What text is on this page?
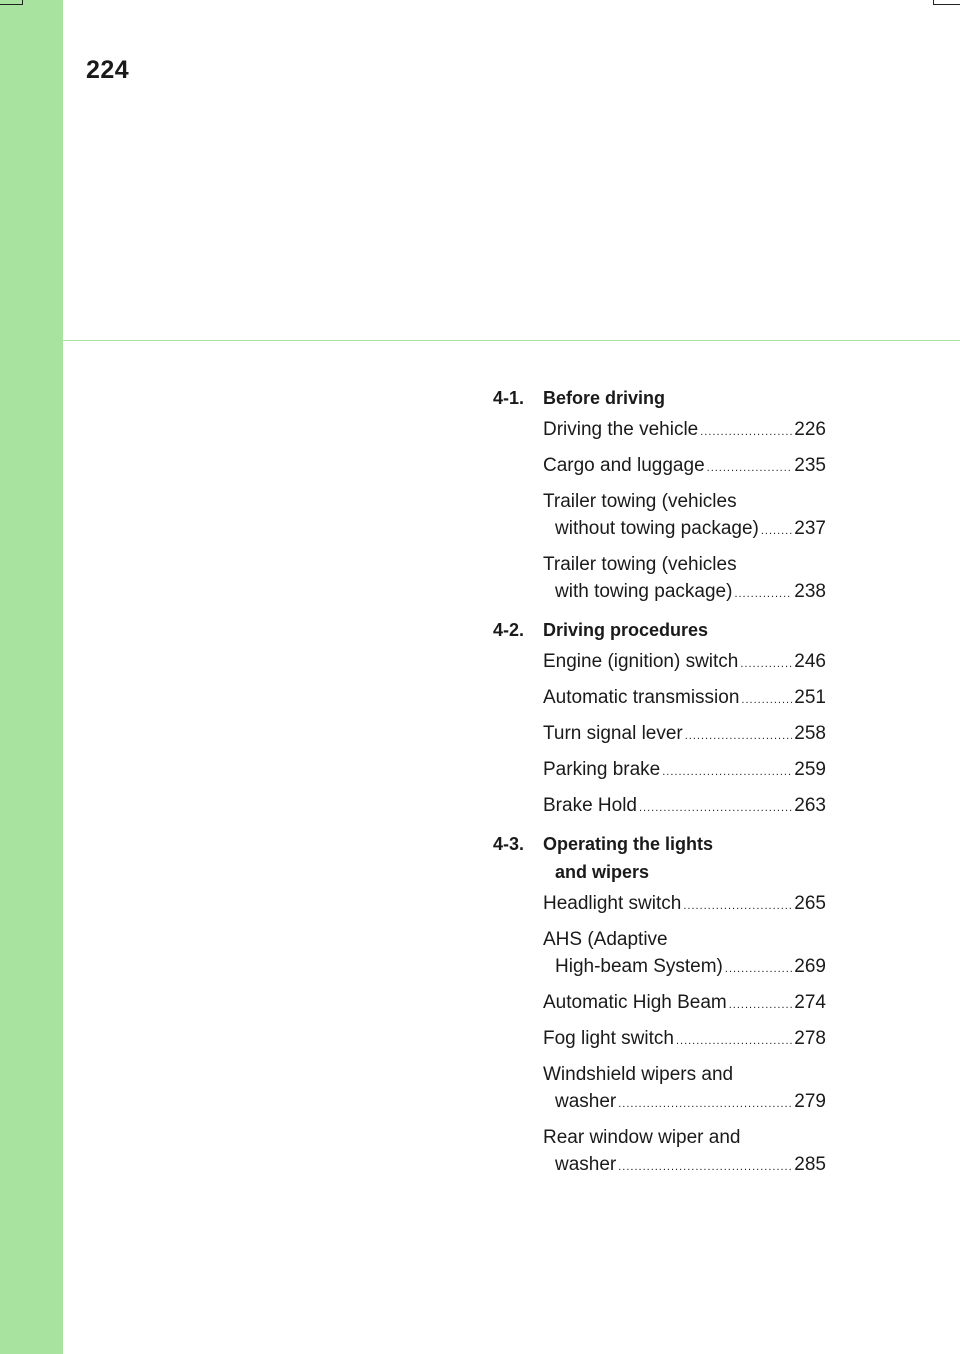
224
4-1.	Before driving
Driving the vehicle .....	226
Cargo and luggage .....	235
Trailer towing (vehicles
without towing package) ..... 237
Trailer towing (vehicles
with towing package) .....	238
4-2.	Driving procedures
Engine (ignition) switch .....	246
Automatic transmission .....	251
Turn signal lever .....	258
Parking brake .....	259
Brake Hold .....	263
4-3.	Operating the lights
and wipers
Headlight switch .....	265
AHS (Adaptive
High-beam System) .....	269
Automatic High Beam .....	274
Fog light switch .....	278
Windshield wipers and
washer .....	279
Rear window wiper and
washer .....	285
